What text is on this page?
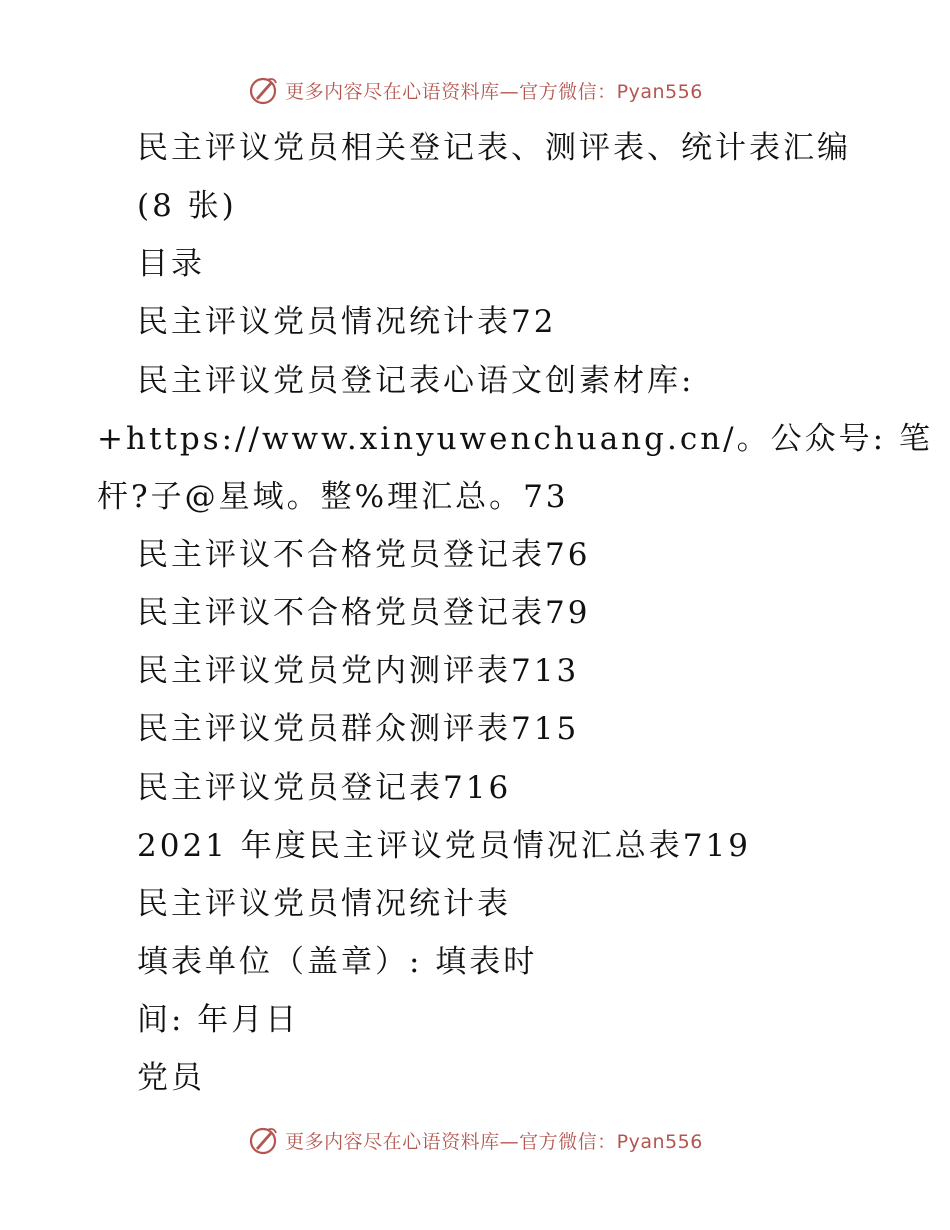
更多内容尽在心语资料库—官方微信：Pyan556
民主评议党员相关登记表、测评表、统计表汇编
(8 张)
目录
民主评议党员情况统计表72
民主评议党员登记表心语文创素材库:
+https://www.xinyuwenchuang.cn/。公众号: 笔
杆?子@星域。整%理汇总。73
民主评议不合格党员登记表76
民主评议不合格党员登记表79
民主评议党员党内测评表713
民主评议党员群众测评表715
民主评议党员登记表716
2021 年度民主评议党员情况汇总表719
民主评议党员情况统计表
填表单位（盖章）: 填表时
间: 年月日
党员
更多内容尽在心语资料库—官方微信：Pyan556
